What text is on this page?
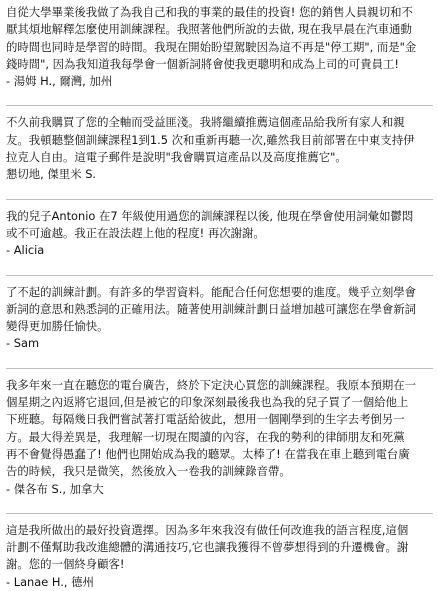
自從大學畢業後我做了為我自己和我的事業的最佳的投資! 您的銷售人員親切和不
厭其煩地解釋怎麼使用訓練課程。我照著他們所說的去做, 現在我早晨在汽車通動
的時間也同時是學習的時間。我現在開始盼望駕駛因為這不再是"停工期", 而是"金
錢時間", 因為我知道我每學會一個新詞將會使我更聰明和成為上司的可貴員工!

- 湯姆 H., 爾灣, 加州

不久前我購買了您的全軸而受益匪淺。我將繼續推薦這個產品給我所有家人和親
友。我頓聽整個訓練課程1到1.5 次和重新再聽一次,雖然我目前部署在中東支持伊
拉克人自由。這電子郵件是說明"我會購買這產品以及高度推薦它"。

懇切地, 傑里米 S.

我的兒子Antonio 在7 年級使用過您的訓練課程以後, 他現在學會使用詞彙如鬱悶
或不可逾越。我正在設法趕上他的程度! 再次謝謝。

- Alicia

了不起的訓練計劃。有許多的學習資料。能配合任何您想要的進度。幾乎立刻學會
新詞的意思和熟悉詞的正確用法。隨著使用訓練計劃日益增加越可讓您在學會新詞
變得更加勝任愉快。

- Sam

我多年來一直在聽您的電台廣告，終於下定決心買您的訓練課程。我原本預期在一
個星期之內返將它退回,但是被它的印象深刻最後我也為我的兒子買了一個給他上
下班聽。每隔幾日我們嘗試著打電話給彼此，想用一個剛學到的生字去考倒另一
方。最大得差異是，我理解一切現在閱讀的內容，在我的勢利的律師朋友和死黨
再不會覺得愚蠢了! 他們也開始成為我的聽眾。太棒了! 在當我在車上聽到電台廣
告的時候，我只是微笑，然後放入一卷我的訓練錄音帶。

- 傑各布 S., 加拿大

這是我所做出的最好投資選擇。因為多年來我沒有做任何改進我的語言程度,這個
計劃不僅幫助我改進總體的溝通技巧,它也讓我獲得不曾夢想得到的升遷機會。謝
謝。您的一個終身顧客!

- Lanae H., 德州
